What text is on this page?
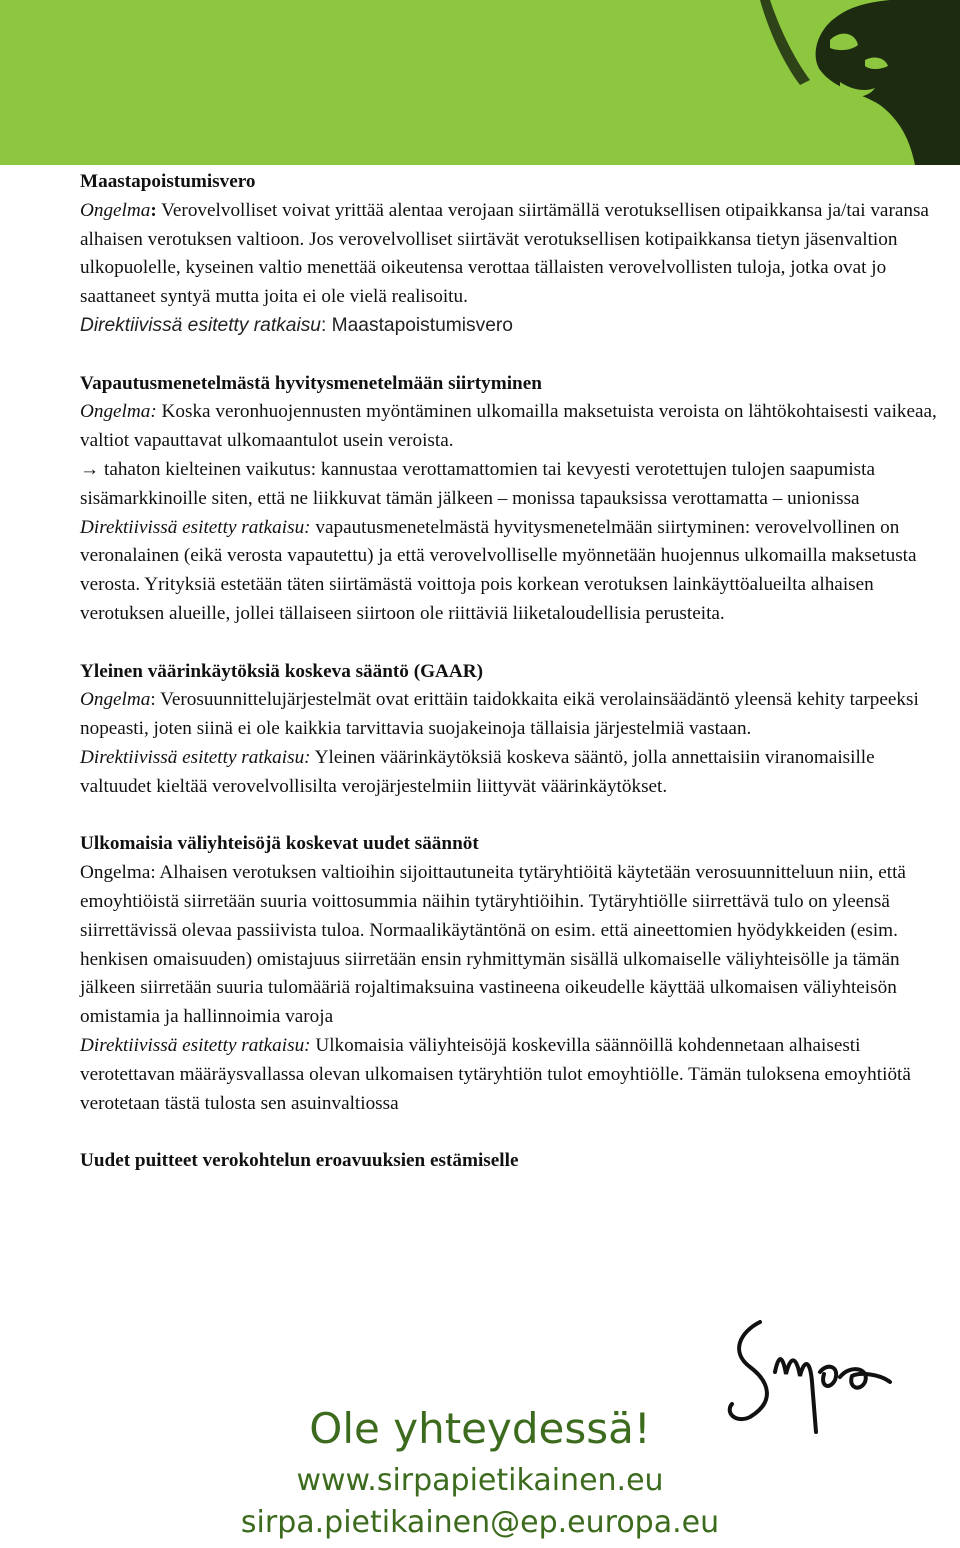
Maastapoistumisvero

Ongelma: Verovelvolliset voivat yrittää alentaa verojaan siirtämällä verotuksellisen otipaikkansa ja/tai varansa alhaisen verotuksen valtioon. Jos verovelvolliset siirtävät verotuksellisen kotipaikkansa tietyn jäsenvaltion ulkopuolelle, kyseinen valtio menettää oikeutensa verottaa tällaisten verovelvollisten tuloja, jotka ovat jo saattaneet syntyä mutta joita ei ole vielä realisoitu.

Direktiivissä esitetty ratkaisu: Maastapoistumisvero

Vapautusmenetelmästä hyvitysmenetelmään siirtyminen

Ongelma: Koska veronhuojennusten myöntäminen ulkomailla maksetuista veroista on lähtökohtaisesti vaikeaa, valtiot vapauttavat ulkomaantulot usein veroista.

→ tahaton kielteinen vaikutus: kannustaa verottamattomien tai kevyesti verotettujen tulojen saapumista sisämarkkinoille siten, että ne liikkuvat tämän jälkeen – monissa tapauksissa verottamatta – unionissa

Direktiivissä esitetty ratkaisu: vapautusmenetelmästä hyvitysmenetelmään siirtyminen: verovelvollinen on veronalainen (eikä verosta vapautettu) ja että verovelvolliselle myönnetään huojennus ulkomailla maksetusta verosta. Yrityksiä estetään täten siirtämästä voittoja pois korkean verotuksen lainkäyttöalueilta alhaisen verotuksen alueille, jollei tällaiseen siirtoon ole riittäviä liiketaloudellisia perusteita.

Yleinen väärinkäytöksiä koskeva sääntö (GAAR)

Ongelma: Verosuunnittelujärjestelmät ovat erittäin taidokkaita eikä verolainsäädäntö yleensä kehity tarpeeksi nopeasti, joten siinä ei ole kaikkia tarvittavia suojakeinoja tällaisia järjestelmiä vastaan.

Direktiivissä esitetty ratkaisu: Yleinen väärinkäytöksiä koskeva sääntö, jolla annettaisiin viranomaisille valtuudet kieltää verovelvollisilta verojärjestelmiin liittyvät väärinkäytökset.

Ulkomaisia väliyhteisöjä koskevat uudet säännöt

Ongelma: Alhaisen verotuksen valtioihin sijoittautuneita tytäryhtiöitä käytetään verosuunnitteluun niin, että emoyhtiöistä siirretään suuria voittosummia näihin tytäryhtiöihin. Tytäryhtiölle siirrettävä tulo on yleensä siirrettävissä olevaa passiivista tuloa. Normaalikäytäntönä on esim. että aineettomien hyödykkeiden (esim. henkisen omaisuuden) omistajuus siirretään ensin ryhmittymän sisällä ulkomaiselle väliyhteisölle ja tämän jälkeen siirretään suuria tulomääriä rojaltimaksuina vastineena oikeudelle käyttää ulkomaisen väliyhteisön omistamia ja hallinnoimia varoja

Direktiivissä esitetty ratkaisu: Ulkomaisia väliyhteisöjä koskevilla säännöillä kohdennetaan alhaisesti verotettavan määräysvallassa olevan ulkomaisen tytäryhtiön tulot emoyhtiölle. Tämän tuloksena emoyhtiötä verotetaan tästä tulosta sen asuinvaltiossa

Uudet puitteet verokohtelun eroavuuksien estämiselle

Ole yhteydessä!
www.sirpapietikainen.eu
sirpa.pietikainen@ep.europa.eu
